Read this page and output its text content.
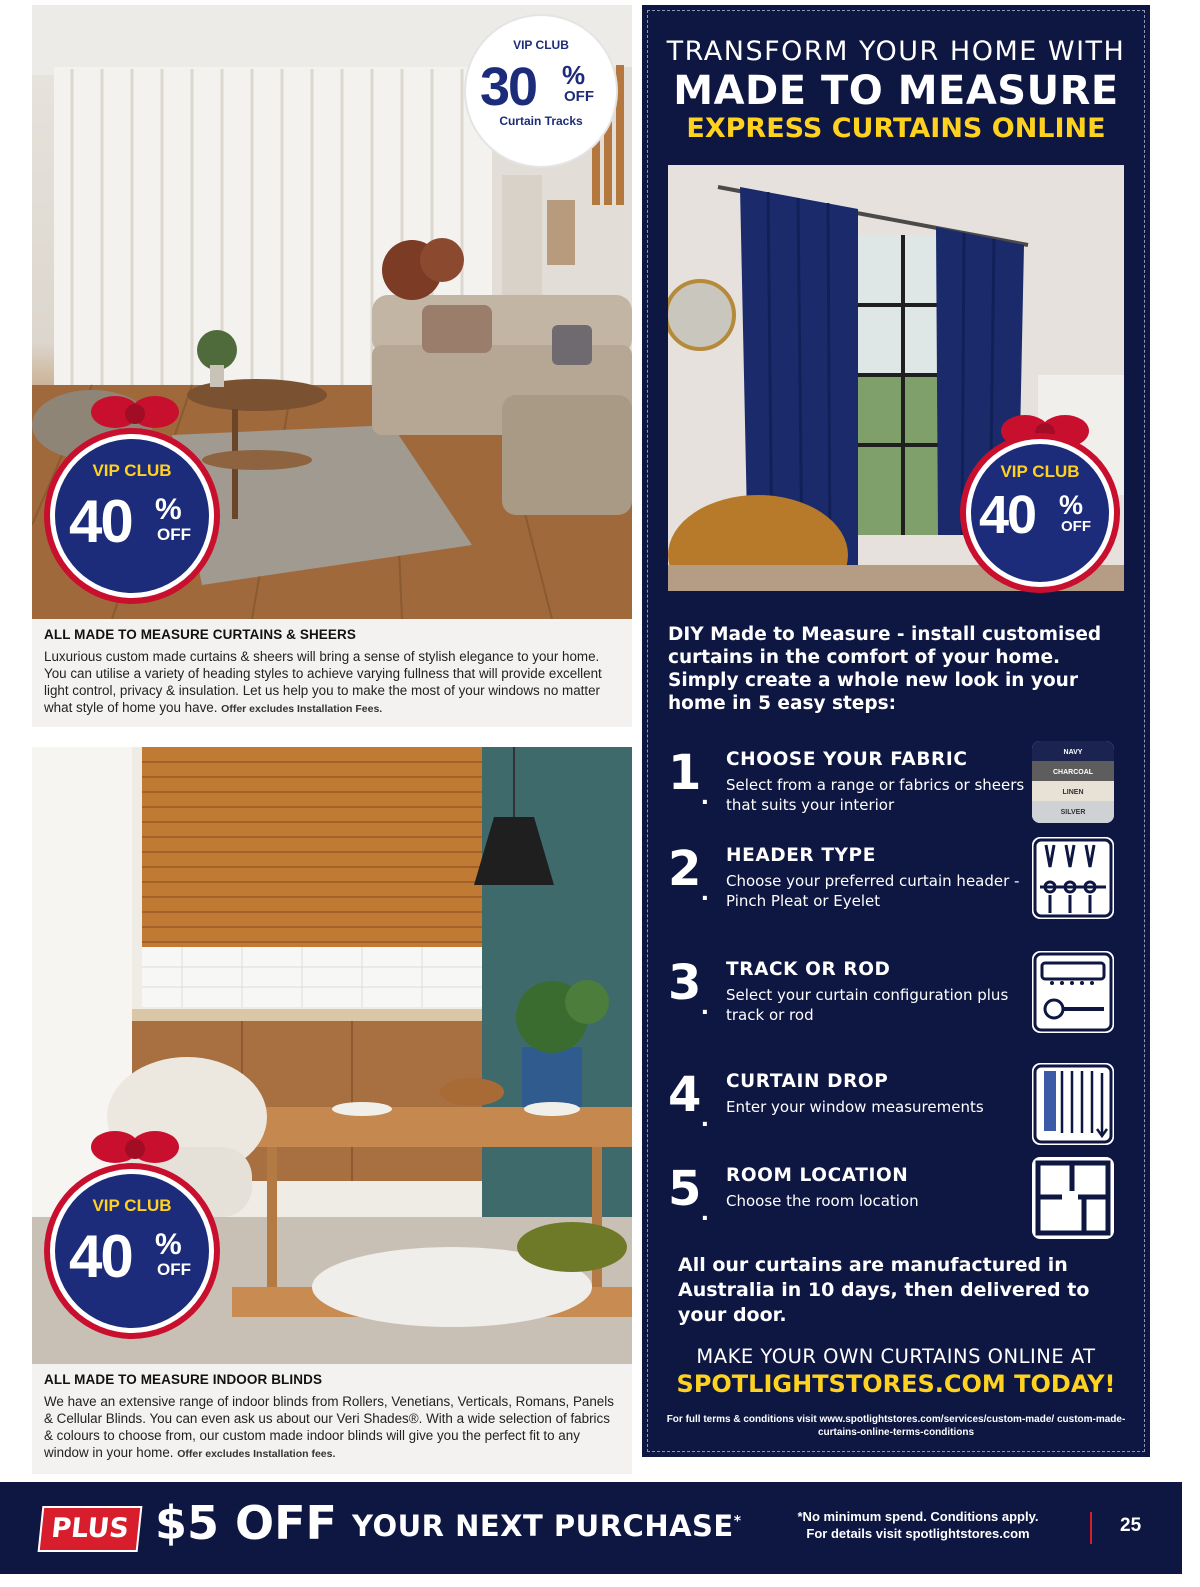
VIP CLUB
30 %
OFF
Curtain Tracks
VIP CLUB
40 %
OFF
ALL MADE TO MEASURE CURTAINS & SHEERS
Luxurious custom made curtains & sheers will bring a sense of stylish elegance to your home. You can utilise a variety of heading styles to achieve varying fullness that will provide excellent light control, privacy & insulation. Let us help you to make the most of your windows no matter what style of home you have. Offer excludes Installation Fees.
VIP CLUB
40 %
OFF
ALL MADE TO MEASURE INDOOR BLINDS
We have an extensive range of indoor blinds from Rollers, Venetians, Verticals, Romans, Panels & Cellular Blinds. You can even ask us about our Veri Shades®. With a wide selection of fabrics & colours to choose from, our custom made indoor blinds will give you the perfect fit to any window in your home. Offer excludes Installation fees.
TRANSFORM YOUR HOME WITH
MADE TO MEASURE
EXPRESS CURTAINS ONLINE
VIP CLUB
40 %
OFF
DIY Made to Measure - install customised curtains in the comfort of your home. Simply create a whole new look in your home in 5 easy steps:
1 .
CHOOSE YOUR FABRIC
Select from a range or fabrics or sheers that suits your interior
NAVY
CHARCOAL
LINEN
SILVER
2 .
HEADER TYPE
Choose your preferred curtain header - Pinch Pleat or Eyelet
3 .
TRACK OR ROD
Select your curtain configuration plus track or rod
4 .
CURTAIN DROP
Enter your window measurements
5 .
ROOM LOCATION
Choose the room location
All our curtains are manufactured in Australia in 10 days, then delivered to your door.
MAKE YOUR OWN CURTAINS ONLINE AT
SPOTLIGHTSTORES.COM TODAY!
For full terms & conditions visit www.spotlightstores.com/services/custom-made/ custom-made-curtains-online-terms-conditions
PLUS $5 OFF YOUR NEXT PURCHASE*	*No minimum spend. Conditions apply.
For details visit spotlightstores.com	25
